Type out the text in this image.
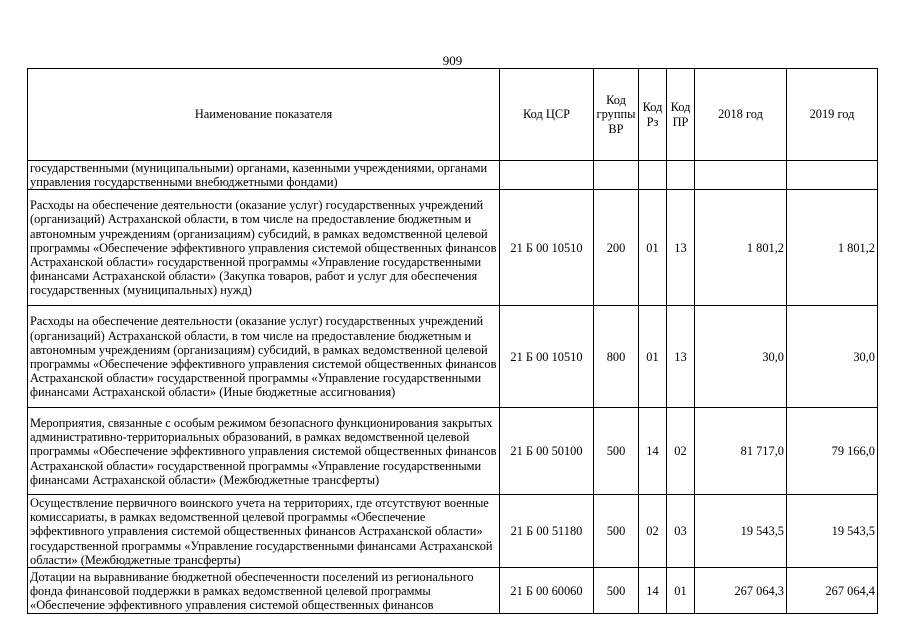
909
Наименование показателя	Код ЦСР	Код группы ВР	Код Рз	Код ПР	2018 год	2019 год
государственными (муниципальными) органами, казенными учреждениями, органами управления государственными внебюджетными фондами)						
Расходы на обеспечение деятельности (оказание услуг) государственных учреждений (организаций) Астраханской области, в том числе на предоставление бюджетным и автономным учреждениям (организациям) субсидий, в рамках ведомственной целевой программы «Обеспечение эффективного управления системой общественных финансов Астраханской области» государственной программы «Управление государственными финансами Астраханской области» (Закупка товаров, работ и услуг для обеспечения государственных (муниципальных) нужд)	21 Б 00 10510	200	01	13	1 801,2	1 801,2
Расходы на обеспечение деятельности (оказание услуг) государственных учреждений (организаций) Астраханской области, в том числе на предоставление бюджетным и автономным учреждениям (организациям) субсидий, в рамках ведомственной целевой программы «Обеспечение эффективного управления системой общественных финансов Астраханской области» государственной программы «Управление государственными финансами Астраханской области» (Иные бюджетные ассигнования)	21 Б 00 10510	800	01	13	30,0	30,0
Мероприятия, связанные с особым режимом безопасного функционирования закрытых административно-территориальных образований, в рамках ведомственной целевой программы «Обеспечение эффективного управления системой общественных финансов Астраханской области» государственной программы «Управление государственными финансами Астраханской области» (Межбюджетные трансферты)	21 Б 00 50100	500	14	02	81 717,0	79 166,0
Осуществление первичного воинского учета на территориях, где отсутствуют военные комиссариаты, в рамках ведомственной целевой программы «Обеспечение эффективного управления системой общественных финансов Астраханской области» государственной программы «Управление государственными финансами Астраханской области» (Межбюджетные трансферты)	21 Б 00 51180	500	02	03	19 543,5	19 543,5
Дотации на выравнивание бюджетной обеспеченности поселений из регионального фонда финансовой поддержки в рамках ведомственной целевой программы «Обеспечение эффективного управления системой общественных финансов	21 Б 00 60060	500	14	01	267 064,3	267 064,4
